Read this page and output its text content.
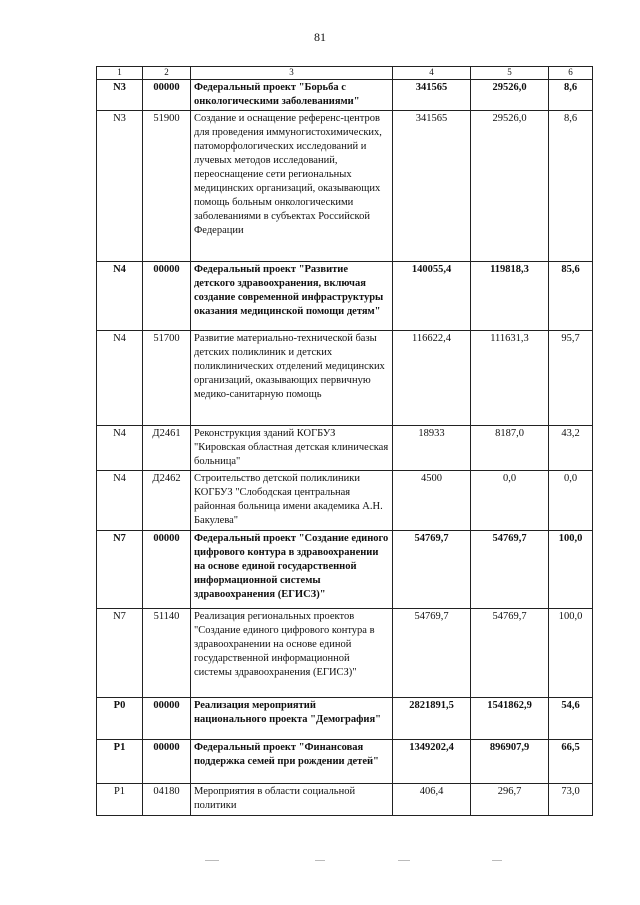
81
1	2	3	4	5	6
N3	00000	Федеральный проект "Борьба с онкологическими заболеваниями"	341565	29526,0	8,6
N3	51900	Создание и оснащение референс-центров для проведения иммуногистохимических, патоморфологических исследований и лучевых методов исследований, переоснащение сети региональных медицинских организаций, оказывающих помощь больным онкологическими заболеваниями в субъектах Российской Федерации	341565	29526,0	8,6
N4	00000	Федеральный проект "Развитие детского здравоохранения, включая создание современной инфраструктуры оказания медицинской помощи детям"	140055,4	119818,3	85,6
N4	51700	Развитие материально-технической базы детских поликлиник и детских поликлинических отделений медицинских организаций, оказывающих первичную медико-санитарную помощь	116622,4	111631,3	95,7
N4	Д2461	Реконструкция зданий КОГБУЗ "Кировская областная детская клиническая больница"	18933	8187,0	43,2
N4	Д2462	Строительство детской поликлиники КОГБУЗ "Слободская центральная районная больница имени академика А.Н. Бакулева"	4500	0,0	0,0
N7	00000	Федеральный проект "Создание единого цифрового контура в здравоохранении на основе единой государственной информационной системы здравоохранения (ЕГИСЗ)"	54769,7	54769,7	100,0
N7	51140	Реализация региональных проектов "Создание единого цифрового контура в здравоохранении на основе единой государственной информационной системы здравоохранения (ЕГИСЗ)"	54769,7	54769,7	100,0
P0	00000	Реализация мероприятий национального проекта "Демография"	2821891,5	1541862,9	54,6
P1	00000	Федеральный проект "Финансовая поддержка семей при рождении детей"	1349202,4	896907,9	66,5
P1	04180	Мероприятия в области социальной политики	406,4	296,7	73,0
